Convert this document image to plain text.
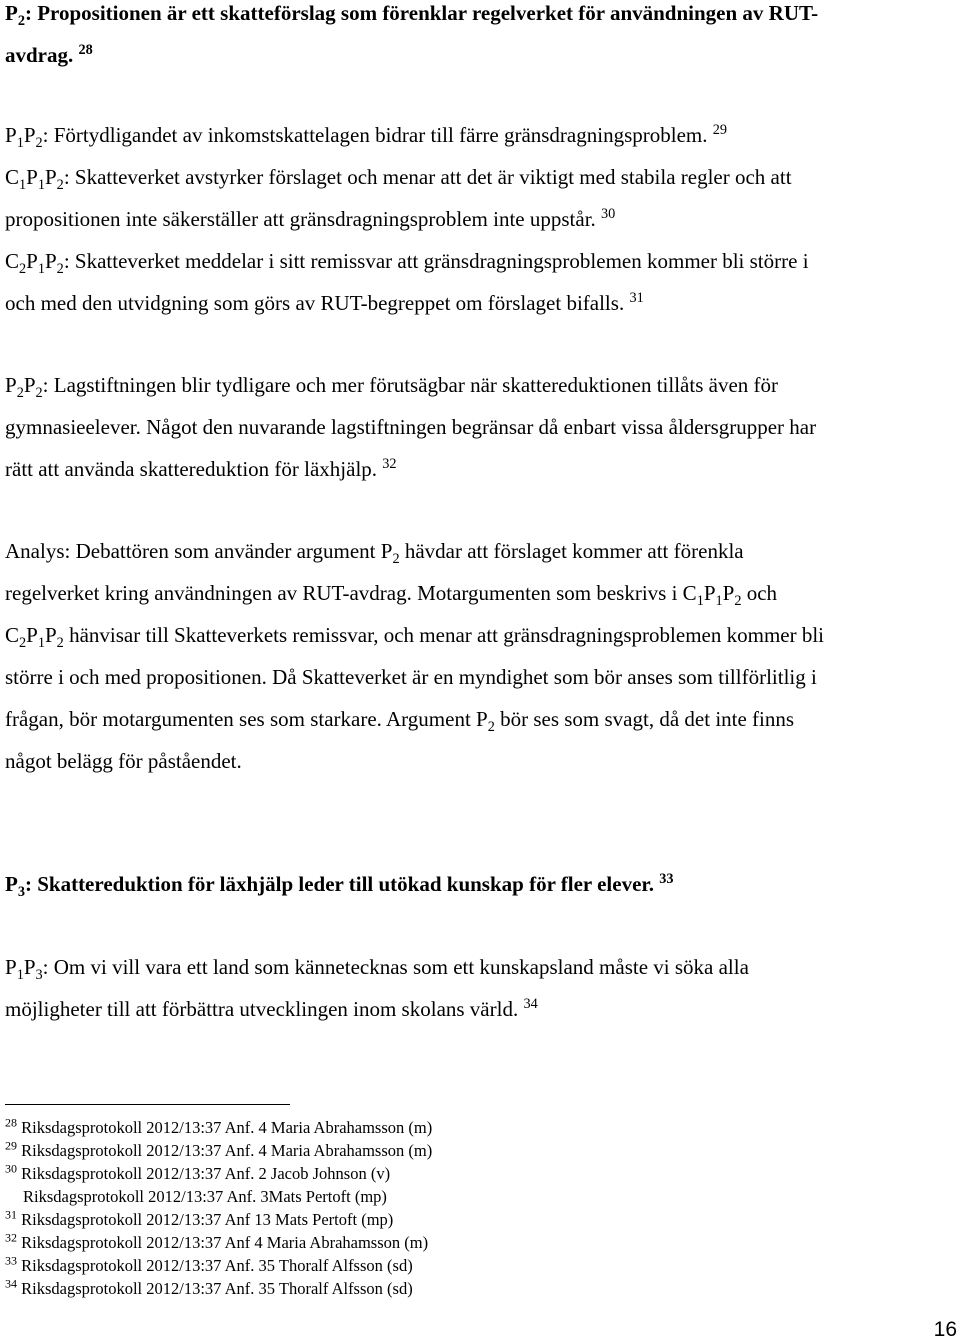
$P_2$: Propositionen är ett skatteförslag som förenklar regelverket för användningen av RUT-
avdrag. $^{28}$
$P_1P_2$: Förtydligandet av inkomstskattelagen bidrar till färre gränsdragningsproblem. $^{29}$
$C_1P_1P_2$: Skatteverket avstyrker förslaget och menar att det är viktigt med stabila regler och att
propositionen inte säkerställer att gränsdragningsproblem inte uppstår. $^{30}$
$C_2P_1P_2$: Skatteverket meddelar i sitt remissvar att gränsdragningsproblemen kommer bli större i
och med den utvidgning som görs av RUT-begreppet om förslaget bifalls. $^{31}$
$P_2P_2$: Lagstiftningen blir tydligare och mer förutsägbar när skattereduktionen tillåts även för
gymnasieelever. Något den nuvarande lagstiftningen begränsar då enbart vissa åldersgrupper har
rätt att använda skattereduktion för läxhjälp. $^{32}$
Analys: Debattören som använder argument $P_2$ hävdar att förslaget kommer att förenkla
regelverket kring användningen av RUT-avdrag. Motargumenten som beskrivs i $C_1P_1P_2$ och
$C_2P_1P_2$ hänvisar till Skatteverkets remissvar, och menar att gränsdragningsproblemen kommer bli
större i och med propositionen. Då Skatteverket är en myndighet som bör anses som tillförlitlig i
frågan, bör motargumenten ses som starkare. Argument $P_2$ bör ses som svagt, då det inte finns
något belägg för påståendet.
$P_3$: Skattereduktion för läxhjälp leder till utökad kunskap för fler elever. $^{33}$
$P_1P_3$: Om vi vill vara ett land som kännetecknas som ett kunskapsland måste vi söka alla
möjligheter till att förbättra utvecklingen inom skolans värld. $^{34}$
$^{28}$ Riksdagsprotokoll 2012/13:37 Anf. 4 Maria Abrahamsson (m)
$^{29}$ Riksdagsprotokoll 2012/13:37 Anf. 4 Maria Abrahamsson (m)
$^{30}$ Riksdagsprotokoll 2012/13:37 Anf. 2 Jacob Johnson (v)
Riksdagsprotokoll 2012/13:37 Anf. 3Mats Pertoft (mp)
$^{31}$ Riksdagsprotokoll 2012/13:37 Anf 13 Mats Pertoft (mp)
$^{32}$ Riksdagsprotokoll 2012/13:37 Anf 4 Maria Abrahamsson (m)
$^{33}$ Riksdagsprotokoll 2012/13:37 Anf. 35 Thoralf Alfsson (sd)
$^{34}$ Riksdagsprotokoll 2012/13:37 Anf. 35 Thoralf Alfsson (sd)
16
